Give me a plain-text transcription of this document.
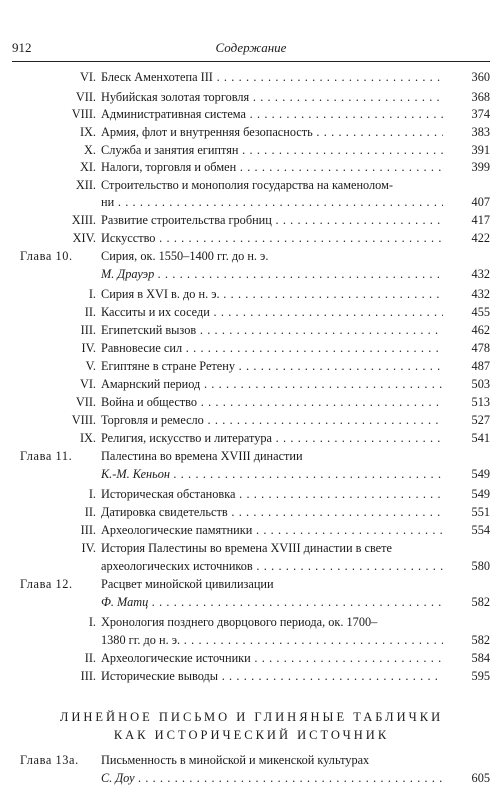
912	Содержание
VI. Блеск Аменхотепа III . . .	360
VII. Нубийская золотая торговля . . .	368
VIII. Административная система . . .	374
IX. Армия, флот и внутренняя безопасность . . .	383
X. Служба и занятия египтян . . .	391
XI. Налоги, торговля и обмен . . .	399
XII. Строительство и монополия государства на каменолом-
ни . . .	407
XIII. Развитие строительства гробниц . . .	417
XIV. Искусство . . .	422
Глава 10. Сирия, ок. 1550–1400 гг. до н. э.
М. Драуэр . . .	432
I. Сирия в XVI в. до н. э. . . .	432
II. Касситы и их соседи . . .	455
III. Египетский вызов . . .	462
IV. Равновесие сил . . .	478
V. Египтяне в стране Ретену . . .	487
VI. Амарнский период . . .	503
VII. Война и общество . . .	513
VIII. Торговля и ремесло . . .	527
IX. Религия, искусство и литература . . .	541
Глава 11. Палестина во времена XVIII династии
К.-М. Кеньон . . .	549
I. Историческая обстановка . . .	549
II. Датировка свидетельств . . .	551
III. Археологические памятники . . .	554
IV. История Палестины во времена XVIII династии в свете
археологических источников . . .	580
Глава 12. Расцвет минойской цивилизации
Ф. Матц . . .	582
I. Хронология позднего дворцового периода, ок. 1700–
1380 гг. до н. э. . . .	582
II. Археологические источники . . .	584
III. Исторические выводы . . .	595
ЛИНЕЙНОЕ ПИСЬМО И ГЛИНЯНЫЕ ТАБЛИЧКИ
КАК ИСТОРИЧЕСКИЙ ИСТОЧНИК
Глава 13а. Письменность в минойской и микенской культурах
С. Доу . . .	605
